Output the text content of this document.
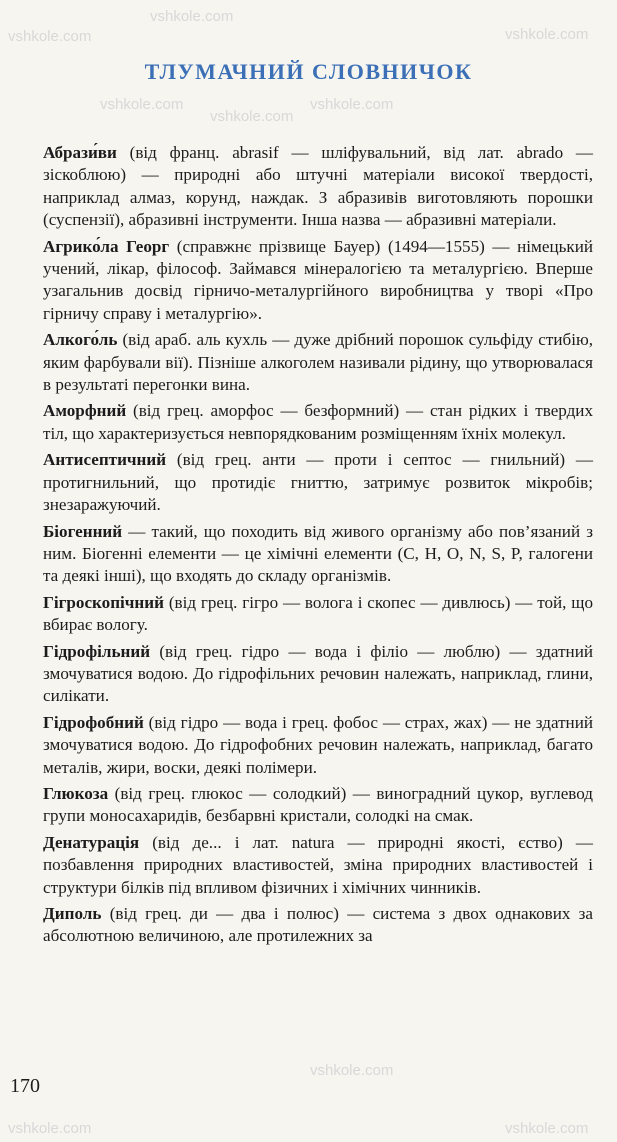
vshkole.com
vshkole.com
vshkole.com
vshkole.com
vshkole.com	vshkole.com
vshkole.com
vshkole.com	vshkole.com
ТЛУМАЧНИЙ СЛОВНИЧОК

Абрази́ви (від франц. abrasif — шліфувальний, від лат. abrado — зіскоблюю) — природні або штучні матеріали високої твердості, наприклад алмаз, корунд, наждак. З абразивів виготовляють порошки (суспензії), абразивні інструменти. Інша назва — абразивні матеріали.

Агрико́ла Георг (справжнє прізвище Бауер) (1494—1555) — німецький учений, лікар, філософ. Займався мінералогією та металургією. Вперше узагальнив досвід гірничо-металургійного виробництва у творі «Про гірничу справу і металургію».

Алкого́ль (від араб. аль кухль — дуже дрібний порошок сульфіду стибію, яким фарбували вії). Пізніше алкоголем називали рідину, що утворювалася в результаті перегонки вина.

Аморфний (від грец. аморфос — безформний) — стан рідких і твердих тіл, що характеризується невпорядкованим розміщенням їхніх молекул.

Антисептичний (від грец. анти — проти і септос — гнильний) — протигнильний, що протидіє гниттю, затримує розвиток мікробів; знезаражуючий.

Біогенний — такий, що походить від живого організму або пов’язаний з ним. Біогенні елементи — це хімічні елементи (C, H, O, N, S, P, галогени та деякі інші), що входять до складу організмів.

Гігроскопічний (від грец. гігро — волога і скопес — дивлюсь) — той, що вбирає вологу.

Гідрофільний (від грец. гідро — вода і філіо — люблю) — здатний змочуватися водою. До гідрофільних речовин належать, наприклад, глини, силікати.

Гідрофобний (від гідро — вода і грец. фобос — страх, жах) — не здатний змочуватися водою. До гідрофобних речовин належать, наприклад, багато металів, жири, воски, деякі полімери.

Глюкоза (від грец. глюкос — солодкий) — виноградний цукор, вуглевод групи моносахаридів, безбарвні кристали, солодкі на смак.

Денатурація (від де... і лат. natura — природні якості, єство) — позбавлення природних властивостей, зміна природних властивостей і структури білків під впливом фізичних і хімічних чинників.

Диполь (від грец. ди — два і полюс) — система з двох однакових за абсолютною величиною, але протилежних за

170
